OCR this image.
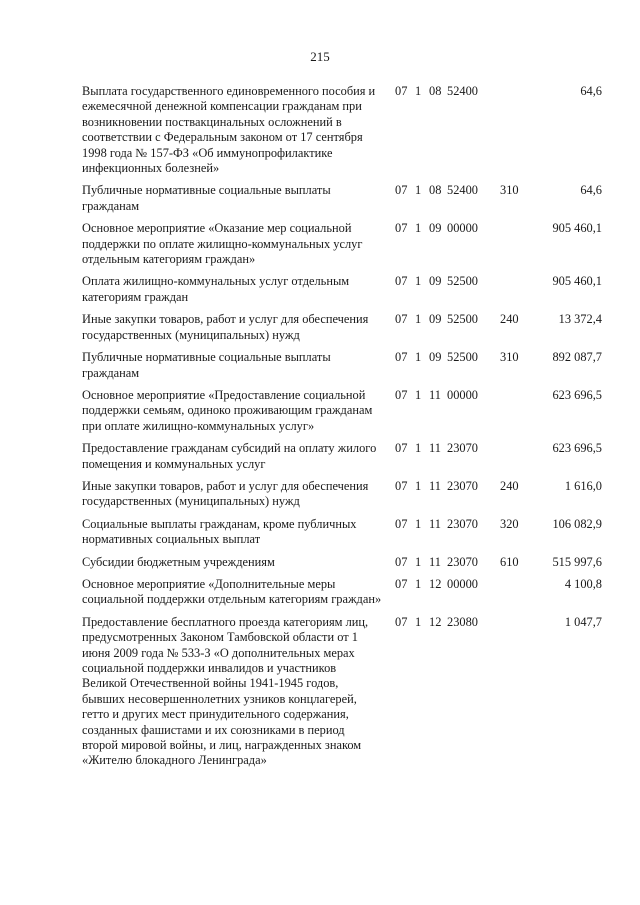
215
Выплата государственного единовременного пособия и ежемесячной денежной компенсации гражданам при возникновении поствакцинальных осложнений в соответствии с Федеральным законом от 17 сентября 1998 года № 157-ФЗ «Об иммунопрофилактике инфекционных болезней»
07 1 08 52400	64,6
Публичные нормативные социальные выплаты гражданам
07 1 08 52400 310	64,6
Основное мероприятие «Оказание мер социальной поддержки по оплате жилищно-коммунальных услуг отдельным категориям граждан»
07 1 09 00000	905 460,1
Оплата жилищно-коммунальных услуг отдельным категориям граждан
07 1 09 52500	905 460,1
Иные закупки товаров, работ и услуг для обеспечения государственных (муниципальных) нужд
07 1 09 52500 240	13 372,4
Публичные нормативные социальные выплаты гражданам
07 1 09 52500 310	892 087,7
Основное мероприятие «Предоставление социальной поддержки семьям, одиноко проживающим гражданам при оплате жилищно-коммунальных услуг»
07 1 11 00000	623 696,5
Предоставление гражданам субсидий на оплату жилого помещения и коммунальных услуг
07 1 11 23070	623 696,5
Иные закупки товаров, работ и услуг для обеспечения государственных (муниципальных) нужд
07 1 11 23070 240	1 616,0
Социальные выплаты гражданам, кроме публичных нормативных социальных выплат
07 1 11 23070 320	106 082,9
Субсидии бюджетным учреждениям	07 1 11 23070 610	515 997,6
Основное мероприятие «Дополнительные меры социальной поддержки отдельным категориям граждан»
07 1 12 00000	4 100,8
Предоставление бесплатного проезда категориям лиц, предусмотренных Законом Тамбовской области от 1 июня 2009 года № 533-З «О дополнительных мерах социальной поддержки инвалидов и участников Великой Отечественной войны 1941-1945 годов, бывших несовершеннолетних узников концлагерей, гетто и других мест принудительного содержания, созданных фашистами и их союзниками в период второй мировой войны, и лиц, награжденных знаком «Жителю блокадного Ленинграда»
07 1 12 23080	1 047,7
